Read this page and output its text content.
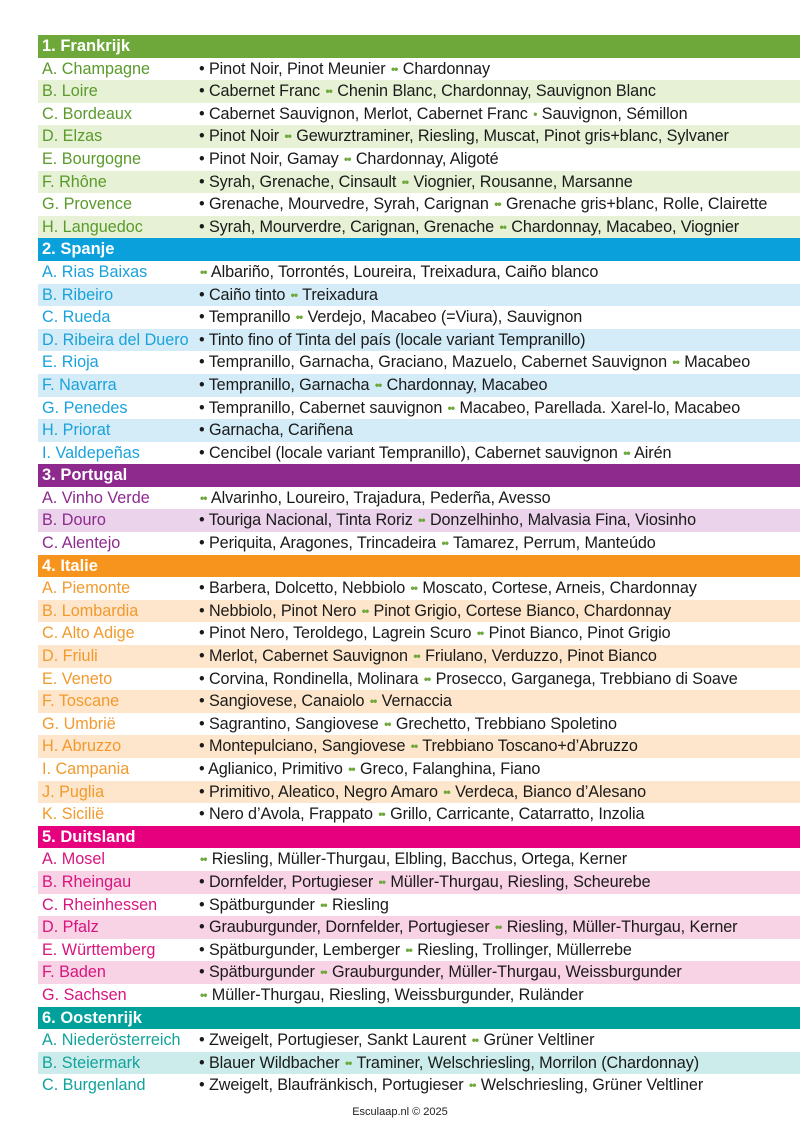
1. Frankrijk
A. Champagne	• Pinot Noir, Pinot Meunier •• Chardonnay
B. Loire	• Cabernet Franc •• Chenin Blanc, Chardonnay, Sauvignon Blanc
C. Bordeaux	• Cabernet Sauvignon, Merlot, Cabernet Franc • Sauvignon, Sémillon
D. Elzas	• Pinot Noir •• Gewurztraminer, Riesling, Muscat, Pinot gris+blanc, Sylvaner
E. Bourgogne	• Pinot Noir, Gamay •• Chardonnay, Aligoté
F. Rhône	• Syrah, Grenache, Cinsault •• Viognier, Rousanne, Marsanne
G. Provence	• Grenache, Mourvedre, Syrah, Carignan •• Grenache gris+blanc, Rolle, Clairette
H. Languedoc	• Syrah, Mourverdre, Carignan, Grenache •• Chardonnay, Macabeo, Viognier
2. Spanje
A. Rias Baixas	•• Albariño, Torrontés, Loureira, Treixadura, Caiño blanco
B. Ribeiro	• Caiño tinto •• Treixadura
C. Rueda	• Tempranillo •• Verdejo, Macabeo (=Viura), Sauvignon
D. Ribeira del Duero • Tinto fino of Tinta del país (locale variant Tempranillo)
E. Rioja	• Tempranillo, Garnacha, Graciano, Mazuelo, Cabernet Sauvignon •• Macabeo
F. Navarra	• Tempranillo, Garnacha •• Chardonnay, Macabeo
G. Penedes	• Tempranillo, Cabernet sauvignon •• Macabeo, Parellada. Xarel-lo, Macabeo
H. Priorat	• Garnacha, Cariñena
I. Valdepeñas	• Cencibel (locale variant Tempranillo), Cabernet sauvignon •• Airén
3. Portugal
A. Vinho Verde	•• Alvarinho, Loureiro, Trajadura, Pederña, Avesso
B. Douro	• Touriga Nacional, Tinta Roriz •• Donzelhinho, Malvasia Fina, Viosinho
C. Alentejo	• Periquita, Aragones, Trincadeira •• Tamarez, Perrum, Manteúdo
4. Italie
A. Piemonte	• Barbera, Dolcetto, Nebbiolo •• Moscato, Cortese, Arneis, Chardonnay
B. Lombardia	• Nebbiolo, Pinot Nero •• Pinot Grigio, Cortese Bianco, Chardonnay
C. Alto Adige	• Pinot Nero, Teroldego, Lagrein Scuro •• Pinot Bianco, Pinot Grigio
D. Friuli	• Merlot, Cabernet Sauvignon •• Friulano, Verduzzo, Pinot Bianco
E. Veneto	• Corvina, Rondinella, Molinara •• Prosecco, Garganega, Trebbiano di Soave
F. Toscane	• Sangiovese, Canaiolo •• Vernaccia
G. Umbrië	• Sagrantino, Sangiovese •• Grechetto, Trebbiano Spoletino
H. Abruzzo	• Montepulciano, Sangiovese •• Trebbiano Toscano+d’Abruzzo
I. Campania	• Aglianico, Primitivo •• Greco, Falanghina, Fiano
J. Puglia	• Primitivo, Aleatico, Negro Amaro •• Verdeca, Bianco d’Alesano
K. Sicilië	• Nero d’Avola, Frappato •• Grillo, Carricante, Catarratto, Inzolia
5. Duitsland
A. Mosel	•• Riesling, Müller-Thurgau, Elbling, Bacchus, Ortega, Kerner
B. Rheingau	• Dornfelder, Portugieser •• Müller-Thurgau, Riesling, Scheurebe
C. Rheinhessen	• Spätburgunder •• Riesling
D. Pfalz	• Grauburgunder, Dornfelder, Portugieser •• Riesling, Müller-Thurgau, Kerner
E. Württemberg	• Spätburgunder, Lemberger •• Riesling, Trollinger, Müllerrebe
F. Baden	• Spätburgunder •• Grauburgunder, Müller-Thurgau, Weissburgunder
G. Sachsen	•• Müller-Thurgau, Riesling, Weissburgunder, Ruländer
6. Oostenrijk
A. Niederösterreich • Zweigelt, Portugieser, Sankt Laurent •• Grüner Veltliner
B. Steiermark	• Blauer Wildbacher •• Traminer, Welschriesling, Morrilon (Chardonnay)
C. Burgenland	• Zweigelt, Blaufränkisch, Portugieser •• Welschriesling, Grüner Veltliner
Esculaap.nl © 2025
